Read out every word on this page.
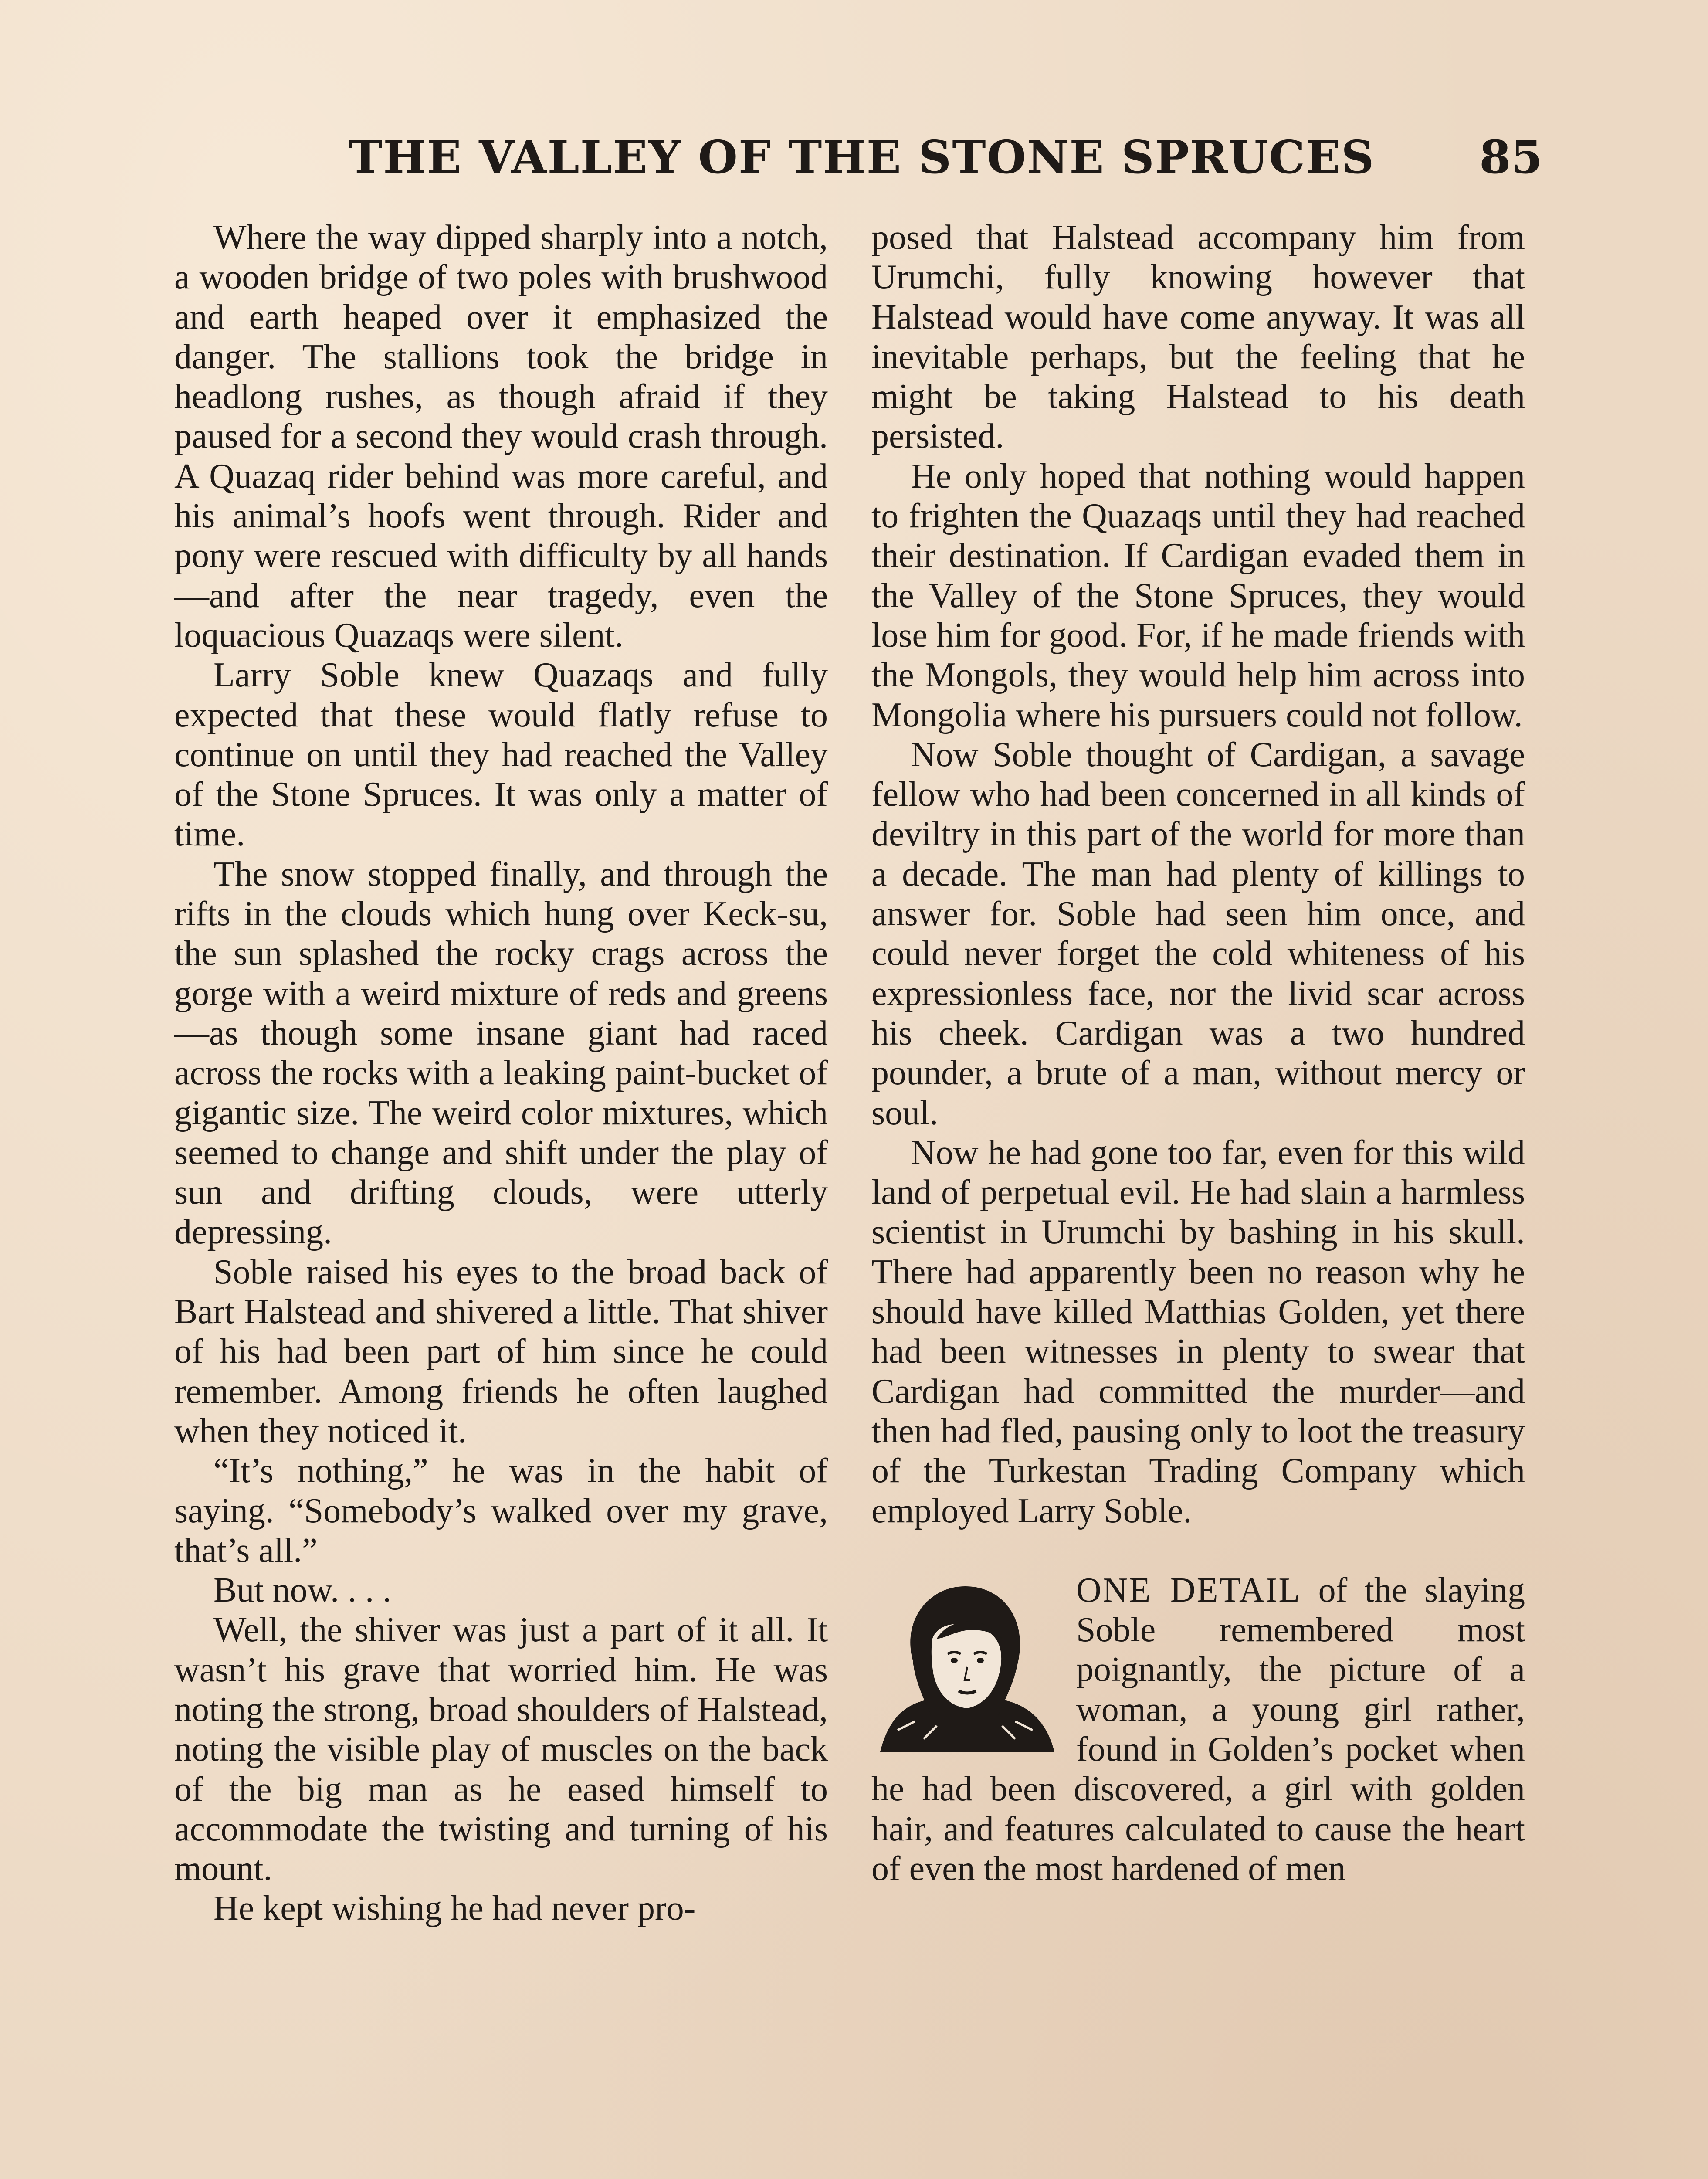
THE VALLEY OF THE STONE SPRUCES 85

Where the way dipped sharply into a notch, a wooden bridge of two poles with brushwood and earth heaped over it emphasized the danger. The stallions took the bridge in headlong rushes, as though afraid if they paused for a second they would crash through. A Quazaq rider behind was more careful, and his animal’s hoofs went through. Rider and pony were rescued with difficulty by all hands—and after the near tragedy, even the loquacious Quazaqs were silent.

Larry Soble knew Quazaqs and fully expected that these would flatly refuse to continue on until they had reached the Valley of the Stone Spruces. It was only a matter of time.

The snow stopped finally, and through the rifts in the clouds which hung over Keck-su, the sun splashed the rocky crags across the gorge with a weird mixture of reds and greens—as though some insane giant had raced across the rocks with a leaking paint-bucket of gigantic size. The weird color mixtures, which seemed to change and shift under the play of sun and drifting clouds, were utterly depressing.

Soble raised his eyes to the broad back of Bart Halstead and shivered a little. That shiver of his had been part of him since he could remember. Among friends he often laughed when they noticed it.

“It’s nothing,” he was in the habit of saying. “Somebody’s walked over my grave, that’s all.”

But now. . . .

Well, the shiver was just a part of it all. It wasn’t his grave that worried him. He was noting the strong, broad shoulders of Halstead, noting the visible play of muscles on the back of the big man as he eased himself to accommodate the twisting and turning of his mount.

He kept wishing he had never pro-

posed that Halstead accompany him from Urumchi, fully knowing however that Halstead would have come anyway. It was all inevitable perhaps, but the feeling that he might be taking Halstead to his death persisted.

He only hoped that nothing would happen to frighten the Quazaqs until they had reached their destination. If Cardigan evaded them in the Valley of the Stone Spruces, they would lose him for good. For, if he made friends with the Mongols, they would help him across into Mongolia where his pursuers could not follow.

Now Soble thought of Cardigan, a savage fellow who had been concerned in all kinds of deviltry in this part of the world for more than a decade. The man had plenty of killings to answer for. Soble had seen him once, and could never forget the cold whiteness of his expressionless face, nor the livid scar across his cheek. Cardigan was a two hundred pounder, a brute of a man, without mercy or soul.

Now he had gone too far, even for this wild land of perpetual evil. He had slain a harmless scientist in Urumchi by bashing in his skull. There had apparently been no reason why he should have killed Matthias Golden, yet there had been witnesses in plenty to swear that Cardigan had committed the murder—and then had fled, pausing only to loot the treasury of the Turkestan Trading Company which employed Larry Soble.

ONE DETAIL of the slaying Soble remembered most poignantly, the picture of a woman, a young girl rather, found in Golden’s pocket when he had been discovered, a girl with golden hair, and features calculated to cause the heart of even the most hardened of men
